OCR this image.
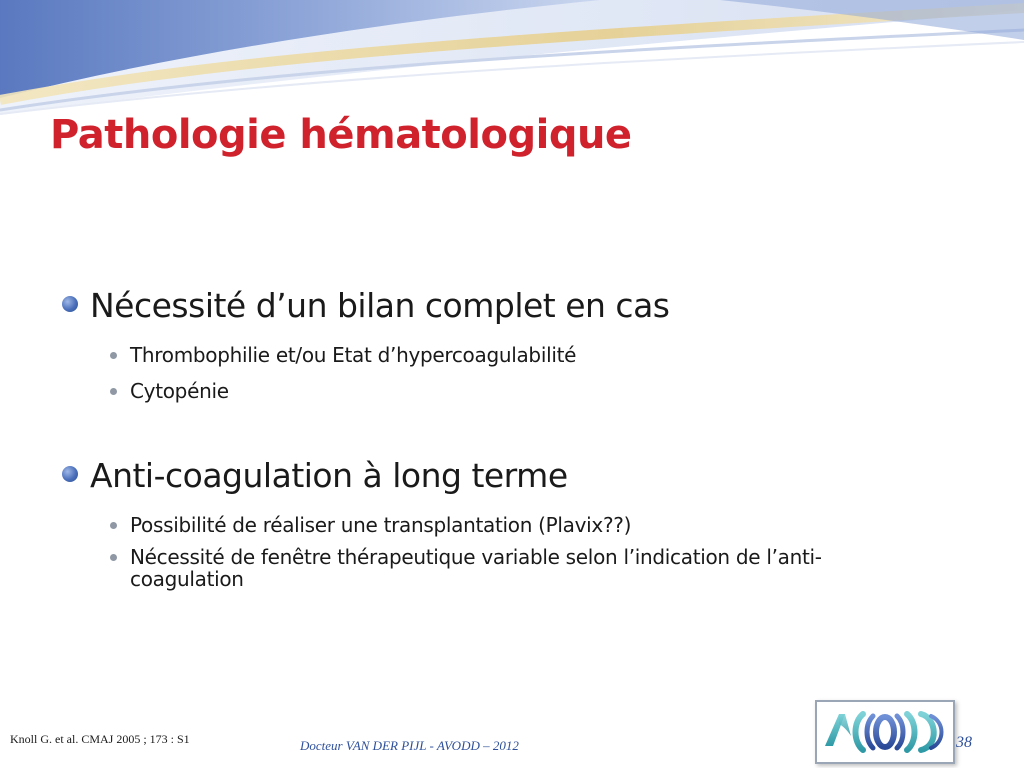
Pathologie hématologique

Nécessité d’un bilan complet en cas

Thrombophilie et/ou Etat d’hypercoagulabilité

Cytopénie

Anti-coagulation à long terme

Possibilité de réaliser une transplantation (Plavix??)

Nécessité de fenêtre thérapeutique variable selon l’indication de l’anti-

coagulation

Knoll G. et al. CMAJ 2005 ; 173 : S1	Docteur VAN DER PIJL - AVODD – 2012	38
